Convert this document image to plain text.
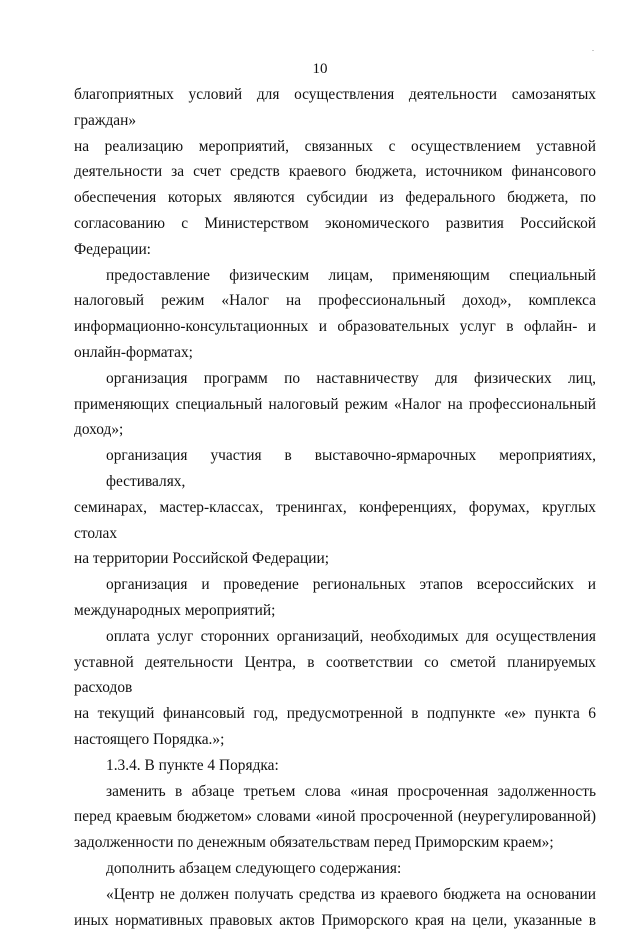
.
10
благоприятных условий для осуществления деятельности самозанятых граждан»
на реализацию мероприятий, связанных с осуществлением уставной
деятельности за счет средств краевого бюджета, источником финансового
обеспечения которых являются субсидии из федерального бюджета, по
согласованию с Министерством экономического развития Российской
Федерации:
предоставление физическим лицам, применяющим специальный
налоговый режим «Налог на профессиональный доход», комплекса
информационно-консультационных и образовательных услуг в офлайн- и
онлайн-форматах;
организация программ по наставничеству для физических лиц,
применяющих специальный налоговый режим «Налог на профессиональный
доход»;
организация участия в выставочно-ярмарочных мероприятиях, фестивалях,
семинарах, мастер-классах, тренингах, конференциях, форумах, круглых столах
на территории Российской Федерации;
организация и проведение региональных этапов всероссийских и
международных мероприятий;
оплата услуг сторонних организаций, необходимых для осуществления
уставной деятельности Центра, в соответствии со сметой планируемых расходов
на текущий финансовый год, предусмотренной в подпункте «е» пункта 6
настоящего Порядка.»;
1.3.4. В пункте 4 Порядка:
заменить в абзаце третьем слова «иная просроченная задолженность
перед краевым бюджетом» словами «иной просроченной (неурегулированной)
задолженности по денежным обязательствам перед Приморским краем»;
дополнить абзацем следующего содержания:
«Центр не должен получать средства из краевого бюджета на основании
иных нормативных правовых актов Приморского края на цели, указанные в
